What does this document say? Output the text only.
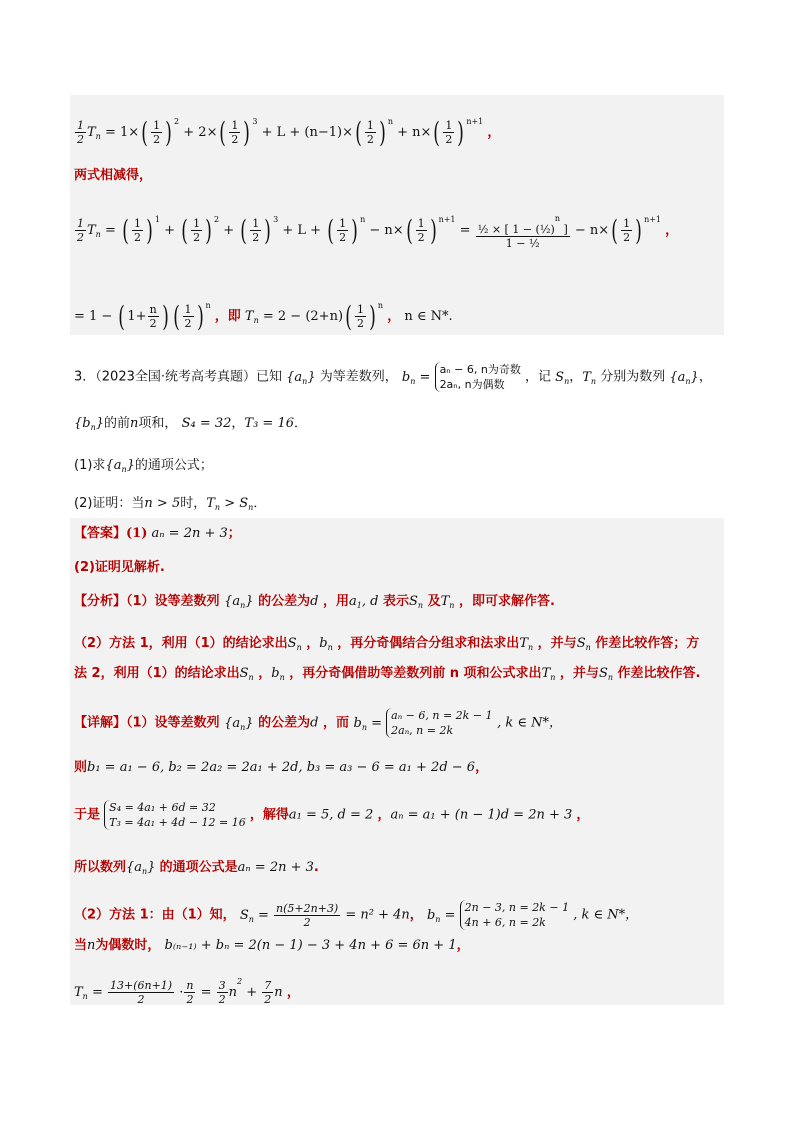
$\frac{1}{2} T_n = 1\times( \frac{1}{2}$ ) $^2 + 2\times( \frac{1}{2}$ ) $^3 + L + (n-1)\times( \frac{1}{2}$ ) $^n + n\times( \frac{1}{2}$ ) $^{n+1}$ ，
两式相减得，
$\frac{1}{2} T_n$ = ( $\frac{1}{2}$ ) $^1$ + ( $\frac{1}{2}$ ) $^2$ + ( $\frac{1}{2}$ ) $^3$ + L + ( $\frac{1}{2}$ ) $^n - n\times( \frac{1}{2}$ ) $^{n+1} = \frac{\frac{1}{2} \times [ 1 - (\frac{1}{2})^n ]}{\text{1 − ½}} - n\times( \frac{1}{2}$ ) $^{n+1}$ ，
= 1 − ( $1+ \frac{n}{2}$ ) ( $\frac{1}{2}$ ) $^n$ ，即 $T_n = 2 - (2+n)( \frac{1}{2}$ ) $^n$ ， n ∈ N*.
3．（2023全国·统考高考真题）已知 $\{a_n\}$ 为等差数列， $b_n = a_n - 6$, n为奇数
2aₙ, n为偶数 ，记 $S_n$，$T_n$ 分别为数列 $\{a_n\}$，
$\{b_n\}$的前n项和， S₄ = 32，T₃ = 16．
(1)求$\{a_n\}$的通项公式；
(2)证明：当n > 5时，$T_n > S_n$．
【答案】(1) aₙ = 2n + 3；
(2)证明见解析.
【分析】（1）设等差数列 $\{a_n\}$ 的公差为d ，用$a_1$, d 表示$S_n$ 及$T_n$ ，即可求解作答.
（2）方法 1，利用（1）的结论求出$S_n$ ，$b_n$ ，再分奇偶结合分组求和法求出$T_n$ ，并与$S_n$ 作差比较作答；方
法 2，利用（1）的结论求出$S_n$ ，$b_n$ ，再分奇偶借助等差数列前 n 项和公式求出$T_n$ ，并与$S_n$ 作差比较作答.
【详解】（1）设等差数列 $\{a_n\}$ 的公差为d ，而 $b_n = a_n - 6$, n = 2k − 1
2aₙ, n = 2k	, k ∈ N*，
则b₁ = a₁ − 6, b₂ = 2a₂ = 2a₁ + 2d, b₃ = a₃ − 6 = a₁ + 2d − 6，
于是 S₄ = 4a₁ + 6d = 32
T₃ = 4a₁ + 4d − 12 = 16 ，解得a₁ = 5, d = 2 ，aₙ = a₁ + (n − 1)d = 2n + 3 ，
所以数列$\{a_n\}$ 的通项公式是aₙ = 2n + 3.
（2）方法 1：由（1）知， $S_n = \frac{n(5+2n+3)}{2} = n^2 + 4n$， $b_n = 2n - 3$, n = 2k − 1
4n + 6, n = 2k , k ∈ N*，
当n为偶数时， b₍ₙ₋₁₎ + bₙ = 2(n − 1) − 3 + 4n + 6 = 6n + 1，
$T_n = \frac{13+(6n+1)}{2} \cdot \frac{n}{2} = \frac{3}{2} n^2 + \frac{7}{2}$ n ，
